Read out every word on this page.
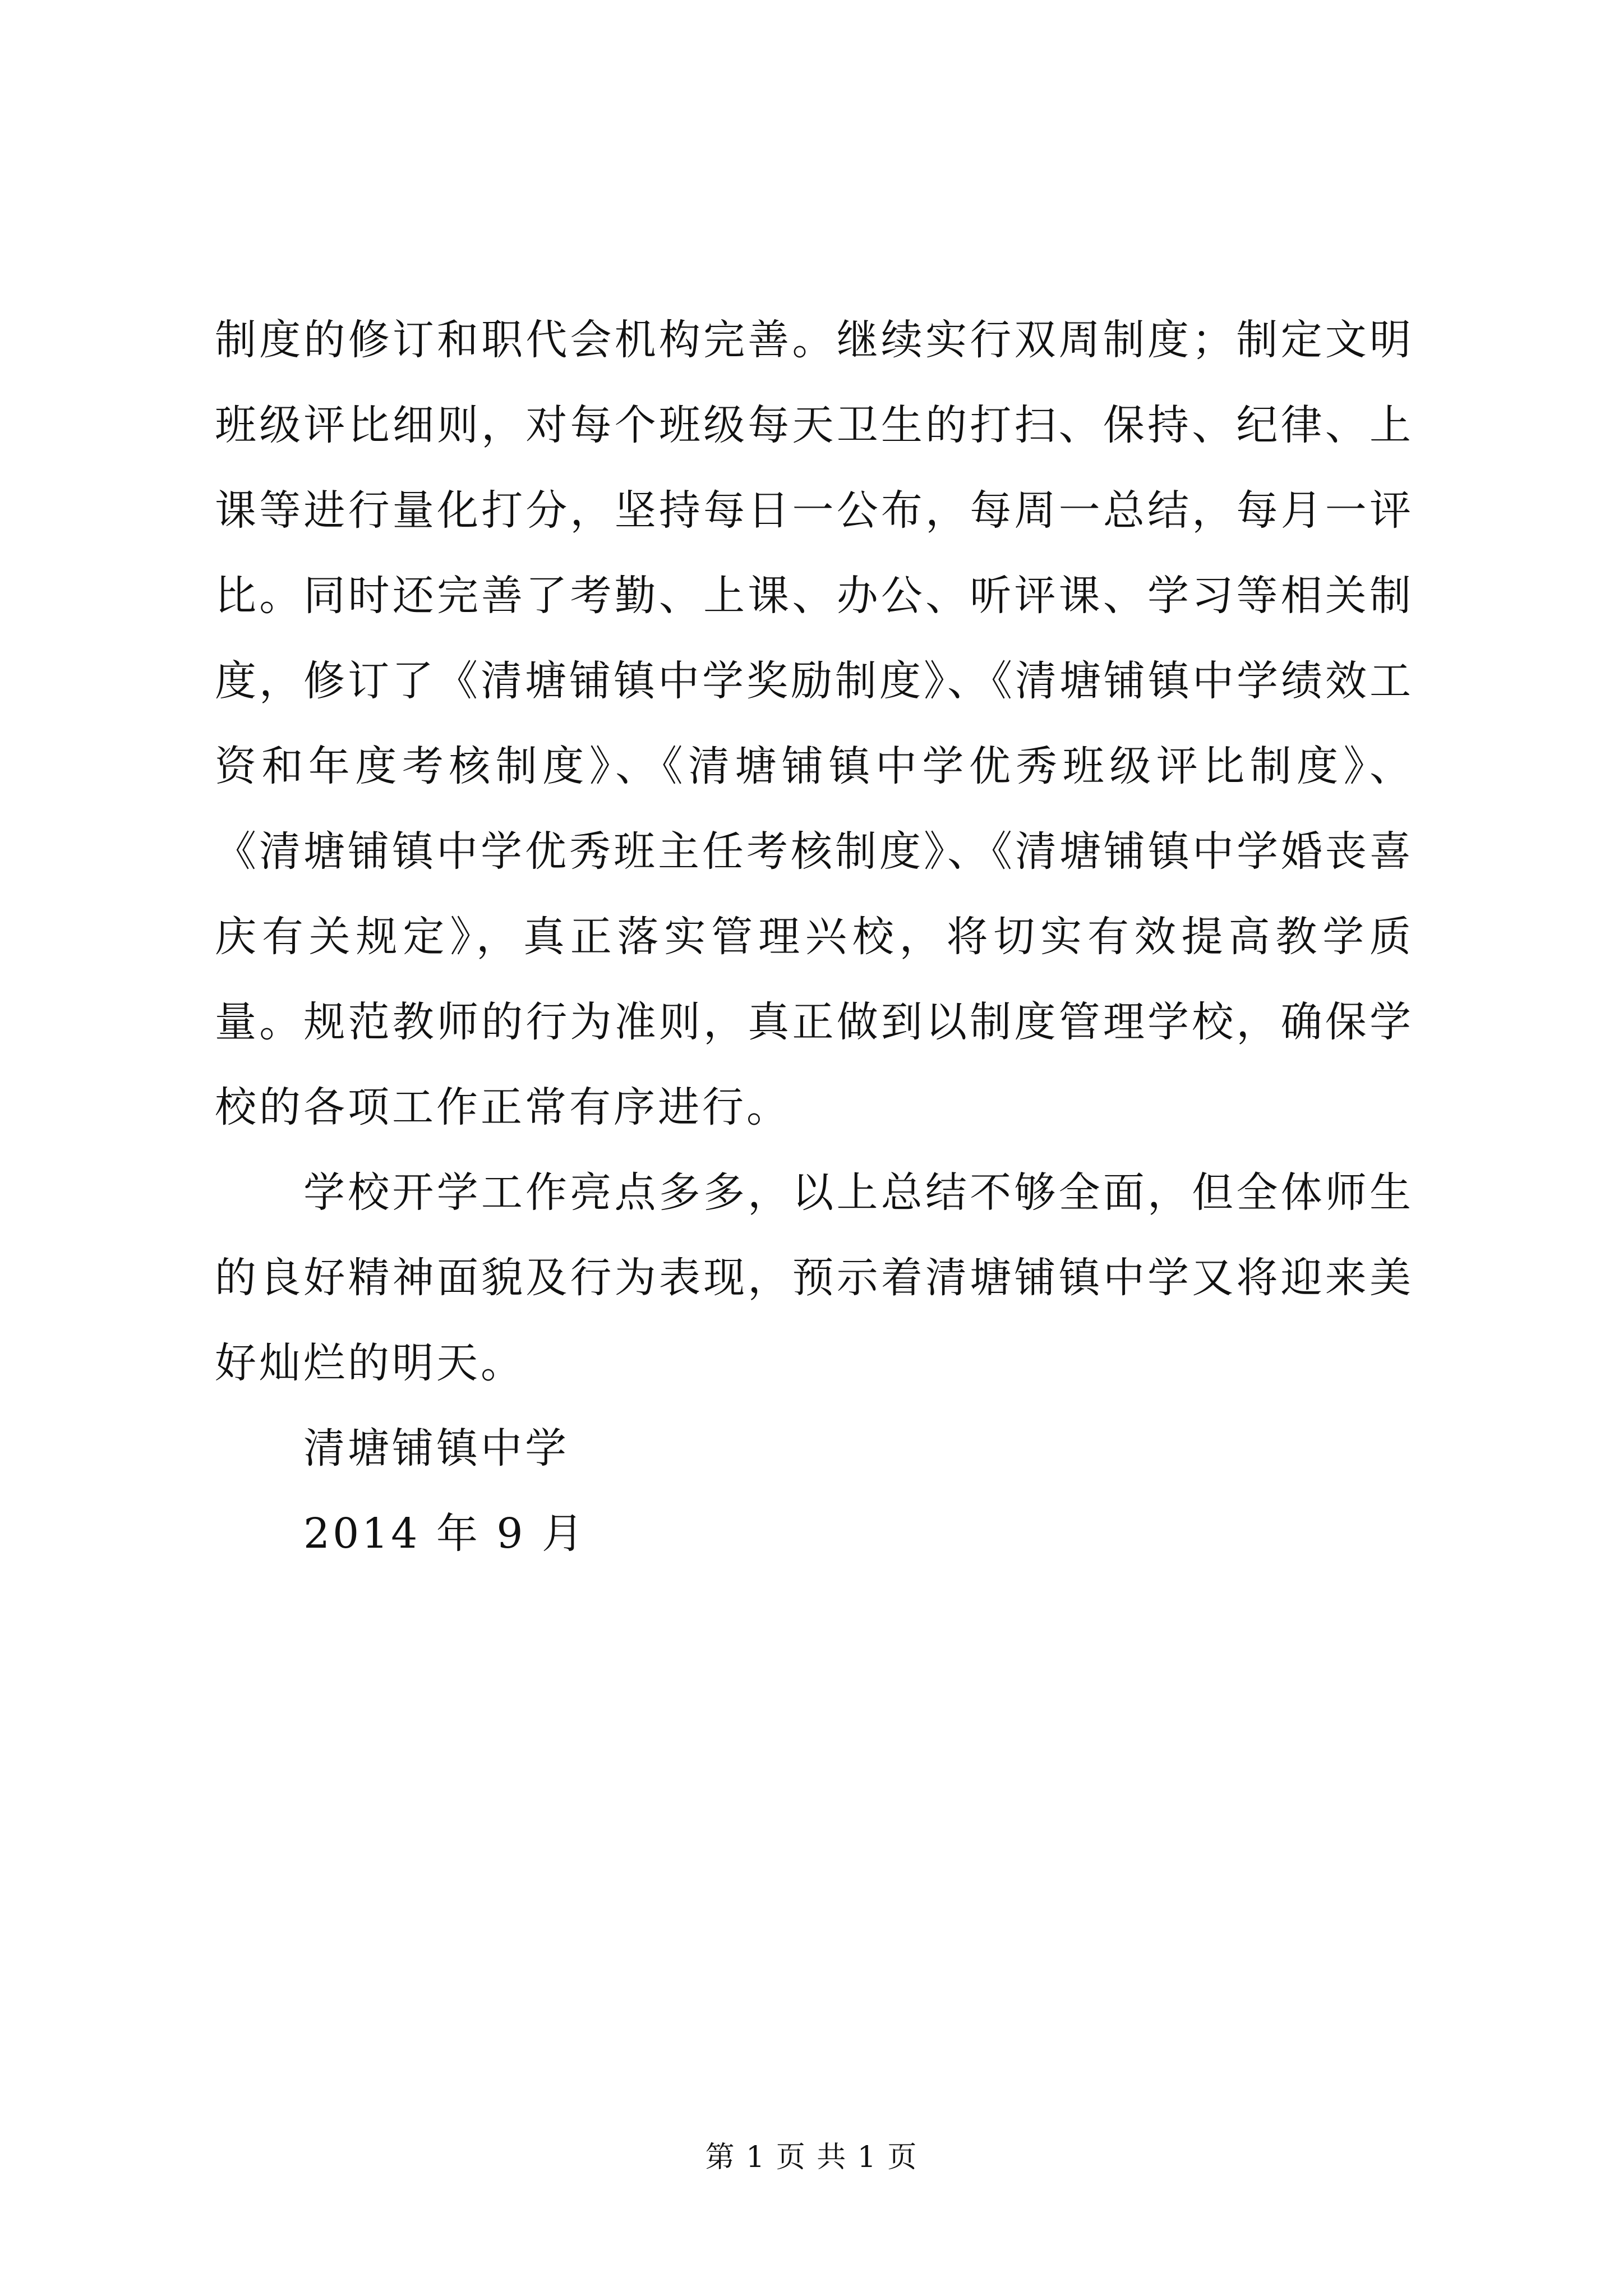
制度的修订和职代会机构完善。继续实行双周制度；制定文明班级评比细则，对每个班级每天卫生的打扫、保持、纪律、上课等进行量化打分，坚持每日一公布，每周一总结，每月一评比。同时还完善了考勤、上课、办公、听评课、学习等相关制度，修订了《清塘铺镇中学奖励制度》、《清塘铺镇中学绩效工资和年度考核制度》、《清塘铺镇中学优秀班级评比制度》、《清塘铺镇中学优秀班主任考核制度》、《清塘铺镇中学婚丧喜庆有关规定》，真正落实管理兴校，将切实有效提高教学质量。规范教师的行为准则，真正做到以制度管理学校，确保学校的各项工作正常有序进行。

学校开学工作亮点多多，以上总结不够全面，但全体师生的良好精神面貌及行为表现，预示着清塘铺镇中学又将迎来美好灿烂的明天。

清塘铺镇中学

2014 年 9 月

第 1 页 共 1 页
